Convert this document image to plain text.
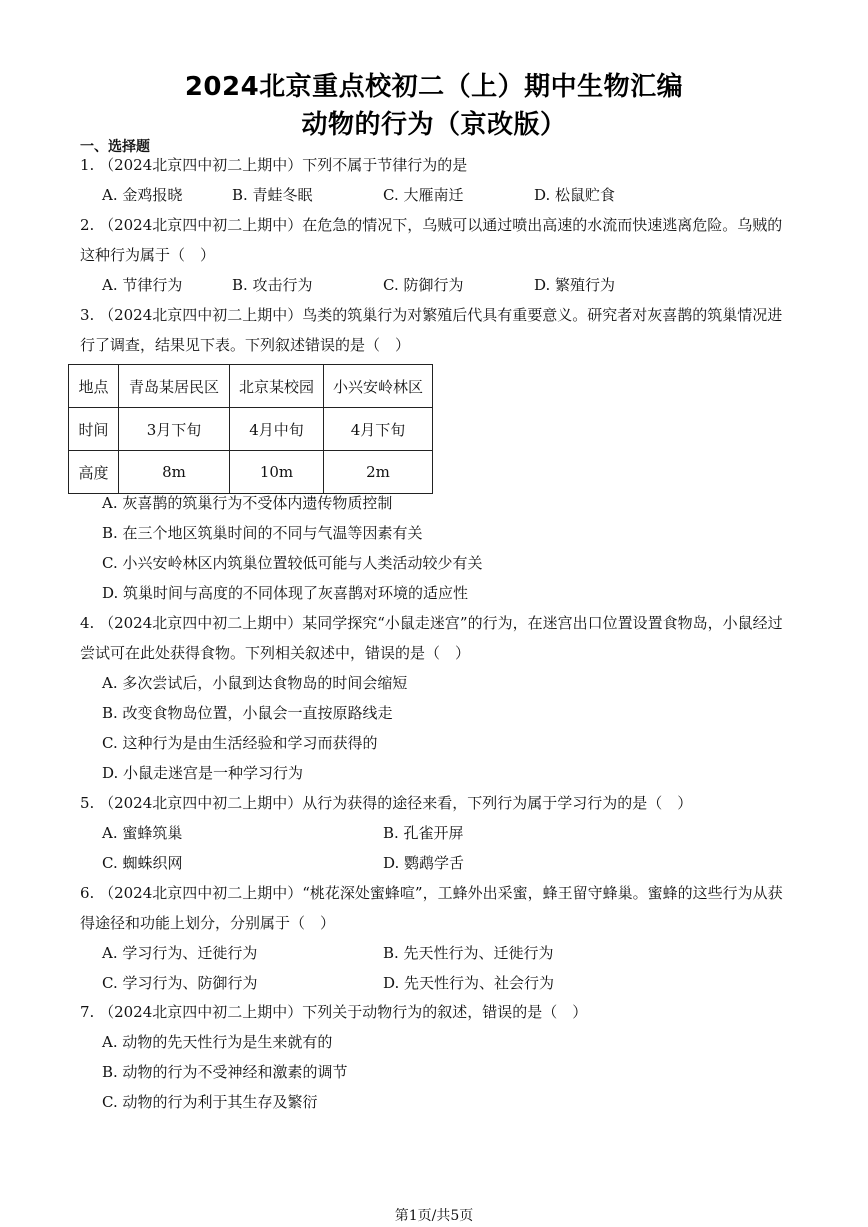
2024北京重点校初二（上）期中生物汇编
动物的行为（京改版）
一、选择题
1. （2024北京四中初二上期中）下列不属于节律行为的是
A. 金鸡报晓	B. 青蛙冬眠	C. 大雁南迁	D. 松鼠贮食
2. （2024北京四中初二上期中）在危急的情况下，乌贼可以通过喷出高速的水流而快速逃离危险。乌贼的
这种行为属于（　）
A. 节律行为	B. 攻击行为	C. 防御行为	D. 繁殖行为
3. （2024北京四中初二上期中）鸟类的筑巢行为对繁殖后代具有重要意义。研究者对灰喜鹊的筑巢情况进
行了调查，结果见下表。下列叙述错误的是（　）
地点	青岛某居民区	北京某校园	小兴安岭林区
时间	3月下旬	4月中旬	4月下旬
高度	8m	10m	2m
A. 灰喜鹊的筑巢行为不受体内遗传物质控制
B. 在三个地区筑巢时间的不同与气温等因素有关
C. 小兴安岭林区内筑巢位置较低可能与人类活动较少有关
D. 筑巢时间与高度的不同体现了灰喜鹊对环境的适应性
4. （2024北京四中初二上期中）某同学探究“小鼠走迷宫”的行为，在迷宫出口位置设置食物岛，小鼠经过
尝试可在此处获得食物。下列相关叙述中，错误的是（　）
A. 多次尝试后，小鼠到达食物岛的时间会缩短
B. 改变食物岛位置，小鼠会一直按原路线走
C. 这种行为是由生活经验和学习而获得的
D. 小鼠走迷宫是一种学习行为
5. （2024北京四中初二上期中）从行为获得的途径来看，下列行为属于学习行为的是（　）
A. 蜜蜂筑巢	B. 孔雀开屏
C. 蜘蛛织网	D. 鹦鹉学舌
6. （2024北京四中初二上期中）“桃花深处蜜蜂喧”，工蜂外出采蜜，蜂王留守蜂巢。蜜蜂的这些行为从获
得途径和功能上划分，分别属于（　）
A. 学习行为、迁徙行为	B. 先天性行为、迁徙行为
C. 学习行为、防御行为	D. 先天性行为、社会行为
7. （2024北京四中初二上期中）下列关于动物行为的叙述，错误的是（　）
A. 动物的先天性行为是生来就有的
B. 动物的行为不受神经和激素的调节
C. 动物的行为利于其生存及繁衍
第1页/共5页
